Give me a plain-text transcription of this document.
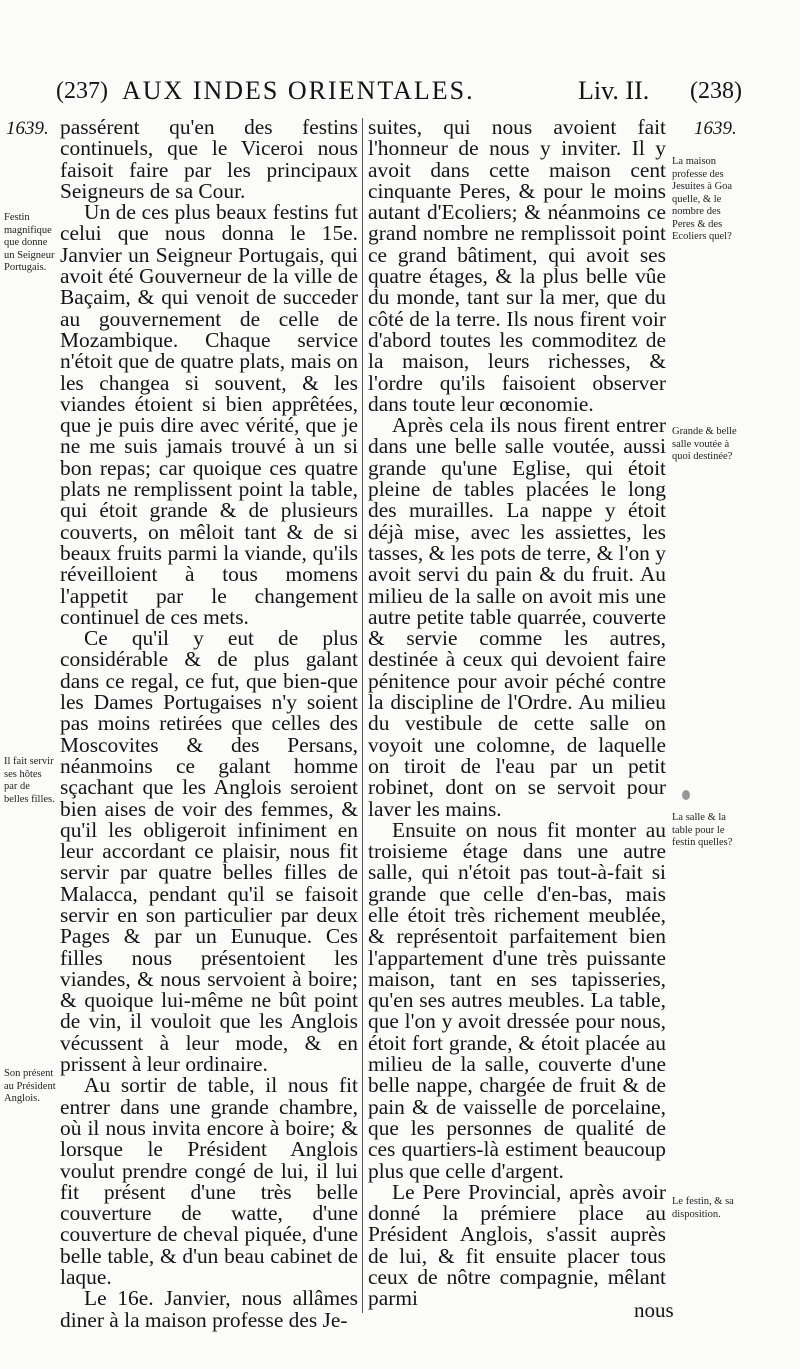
(237) AUX INDES ORIENTALES.	Liv. II. (238)
1639.	1639.
Festin magnifique que donne un Seigneur Portugais.
Il fait servir ses hôtes par de belles filles.
Son présent au Président Anglois.
La maison professe des Jesuites à Goa quelle, & le nombre des Peres & des Ecoliers quel?
Grande & belle salle voutée à quoi destinée?
La salle & la table pour le festin quelles?
Le festin, & sa disposition.

passérent qu'en des festins continuels, que le Viceroi nous faisoit faire par les principaux Seigneurs de sa Cour.

Un de ces plus beaux festins fut celui que nous donna le 15e. Janvier un Seigneur Portugais, qui avoit été Gouverneur de la ville de Baçaim, & qui venoit de succeder au gouvernement de celle de Mozambique. Chaque service n'étoit que de quatre plats, mais on les changea si souvent, & les viandes étoient si bien apprêtées, que je puis dire avec vérité, que je ne me suis jamais trouvé à un si bon repas; car quoique ces quatre plats ne remplissent point la table, qui étoit grande & de plusieurs couverts, on mêloit tant & de si beaux fruits parmi la viande, qu'ils réveilloient à tous momens l'appetit par le changement continuel de ces mets.

Ce qu'il y eut de plus considérable & de plus galant dans ce regal, ce fut, que bien-que les Dames Portugaises n'y soient pas moins retirées que celles des Moscovites & des Persans, néanmoins ce galant homme sçachant que les Anglois seroient bien aises de voir des femmes, & qu'il les obligeroit infiniment en leur accordant ce plaisir, nous fit servir par quatre belles filles de Malacca, pendant qu'il se faisoit servir en son particulier par deux Pages & par un Eunuque. Ces filles nous présentoient les viandes, & nous servoient à boire; & quoique lui-même ne bût point de vin, il vouloit que les Anglois vécussent à leur mode, & en prissent à leur ordinaire.

Au sortir de table, il nous fit entrer dans une grande chambre, où il nous invita encore à boire; & lorsque le Président Anglois voulut prendre congé de lui, il lui fit présent d'une très belle couverture de watte, d'une couverture de cheval piquée, d'une belle table, & d'un beau cabinet de laque.

Le 16e. Janvier, nous allâmes diner à la maison professe des Je-

suites, qui nous avoient fait l'honneur de nous y inviter. Il y avoit dans cette maison cent cinquante Peres, & pour le moins autant d'Ecoliers; & néanmoins ce grand nombre ne remplissoit point ce grand bâtiment, qui avoit ses quatre étages, & la plus belle vûe du monde, tant sur la mer, que du côté de la terre. Ils nous firent voir d'abord toutes les commoditez de la maison, leurs richesses, & l'ordre qu'ils faisoient observer dans toute leur œconomie.

Après cela ils nous firent entrer dans une belle salle voutée, aussi grande qu'une Eglise, qui étoit pleine de tables placées le long des murailles. La nappe y étoit déjà mise, avec les assiettes, les tasses, & les pots de terre, & l'on y avoit servi du pain & du fruit. Au milieu de la salle on avoit mis une autre petite table quarrée, couverte & servie comme les autres, destinée à ceux qui devoient faire pénitence pour avoir péché contre la discipline de l'Ordre. Au milieu du vestibule de cette salle on voyoit une colomne, de laquelle on tiroit de l'eau par un petit robinet, dont on se servoit pour laver les mains.

Ensuite on nous fit monter au troisieme étage dans une autre salle, qui n'étoit pas tout-à-fait si grande que celle d'en-bas, mais elle étoit très richement meublée, & représentoit parfaitement bien l'appartement d'une très puissante maison, tant en ses tapisseries, qu'en ses autres meubles. La table, que l'on y avoit dressée pour nous, étoit fort grande, & étoit placée au milieu de la salle, couverte d'une belle nappe, chargée de fruit & de pain & de vaisselle de porcelaine, que les personnes de qualité de ces quartiers-là estiment beaucoup plus que celle d'argent.

Le Pere Provincial, après avoir donné la prémiere place au Président Anglois, s'assit auprès de lui, & fit ensuite placer tous ceux de nôtre compagnie, mêlant parmi	nous
